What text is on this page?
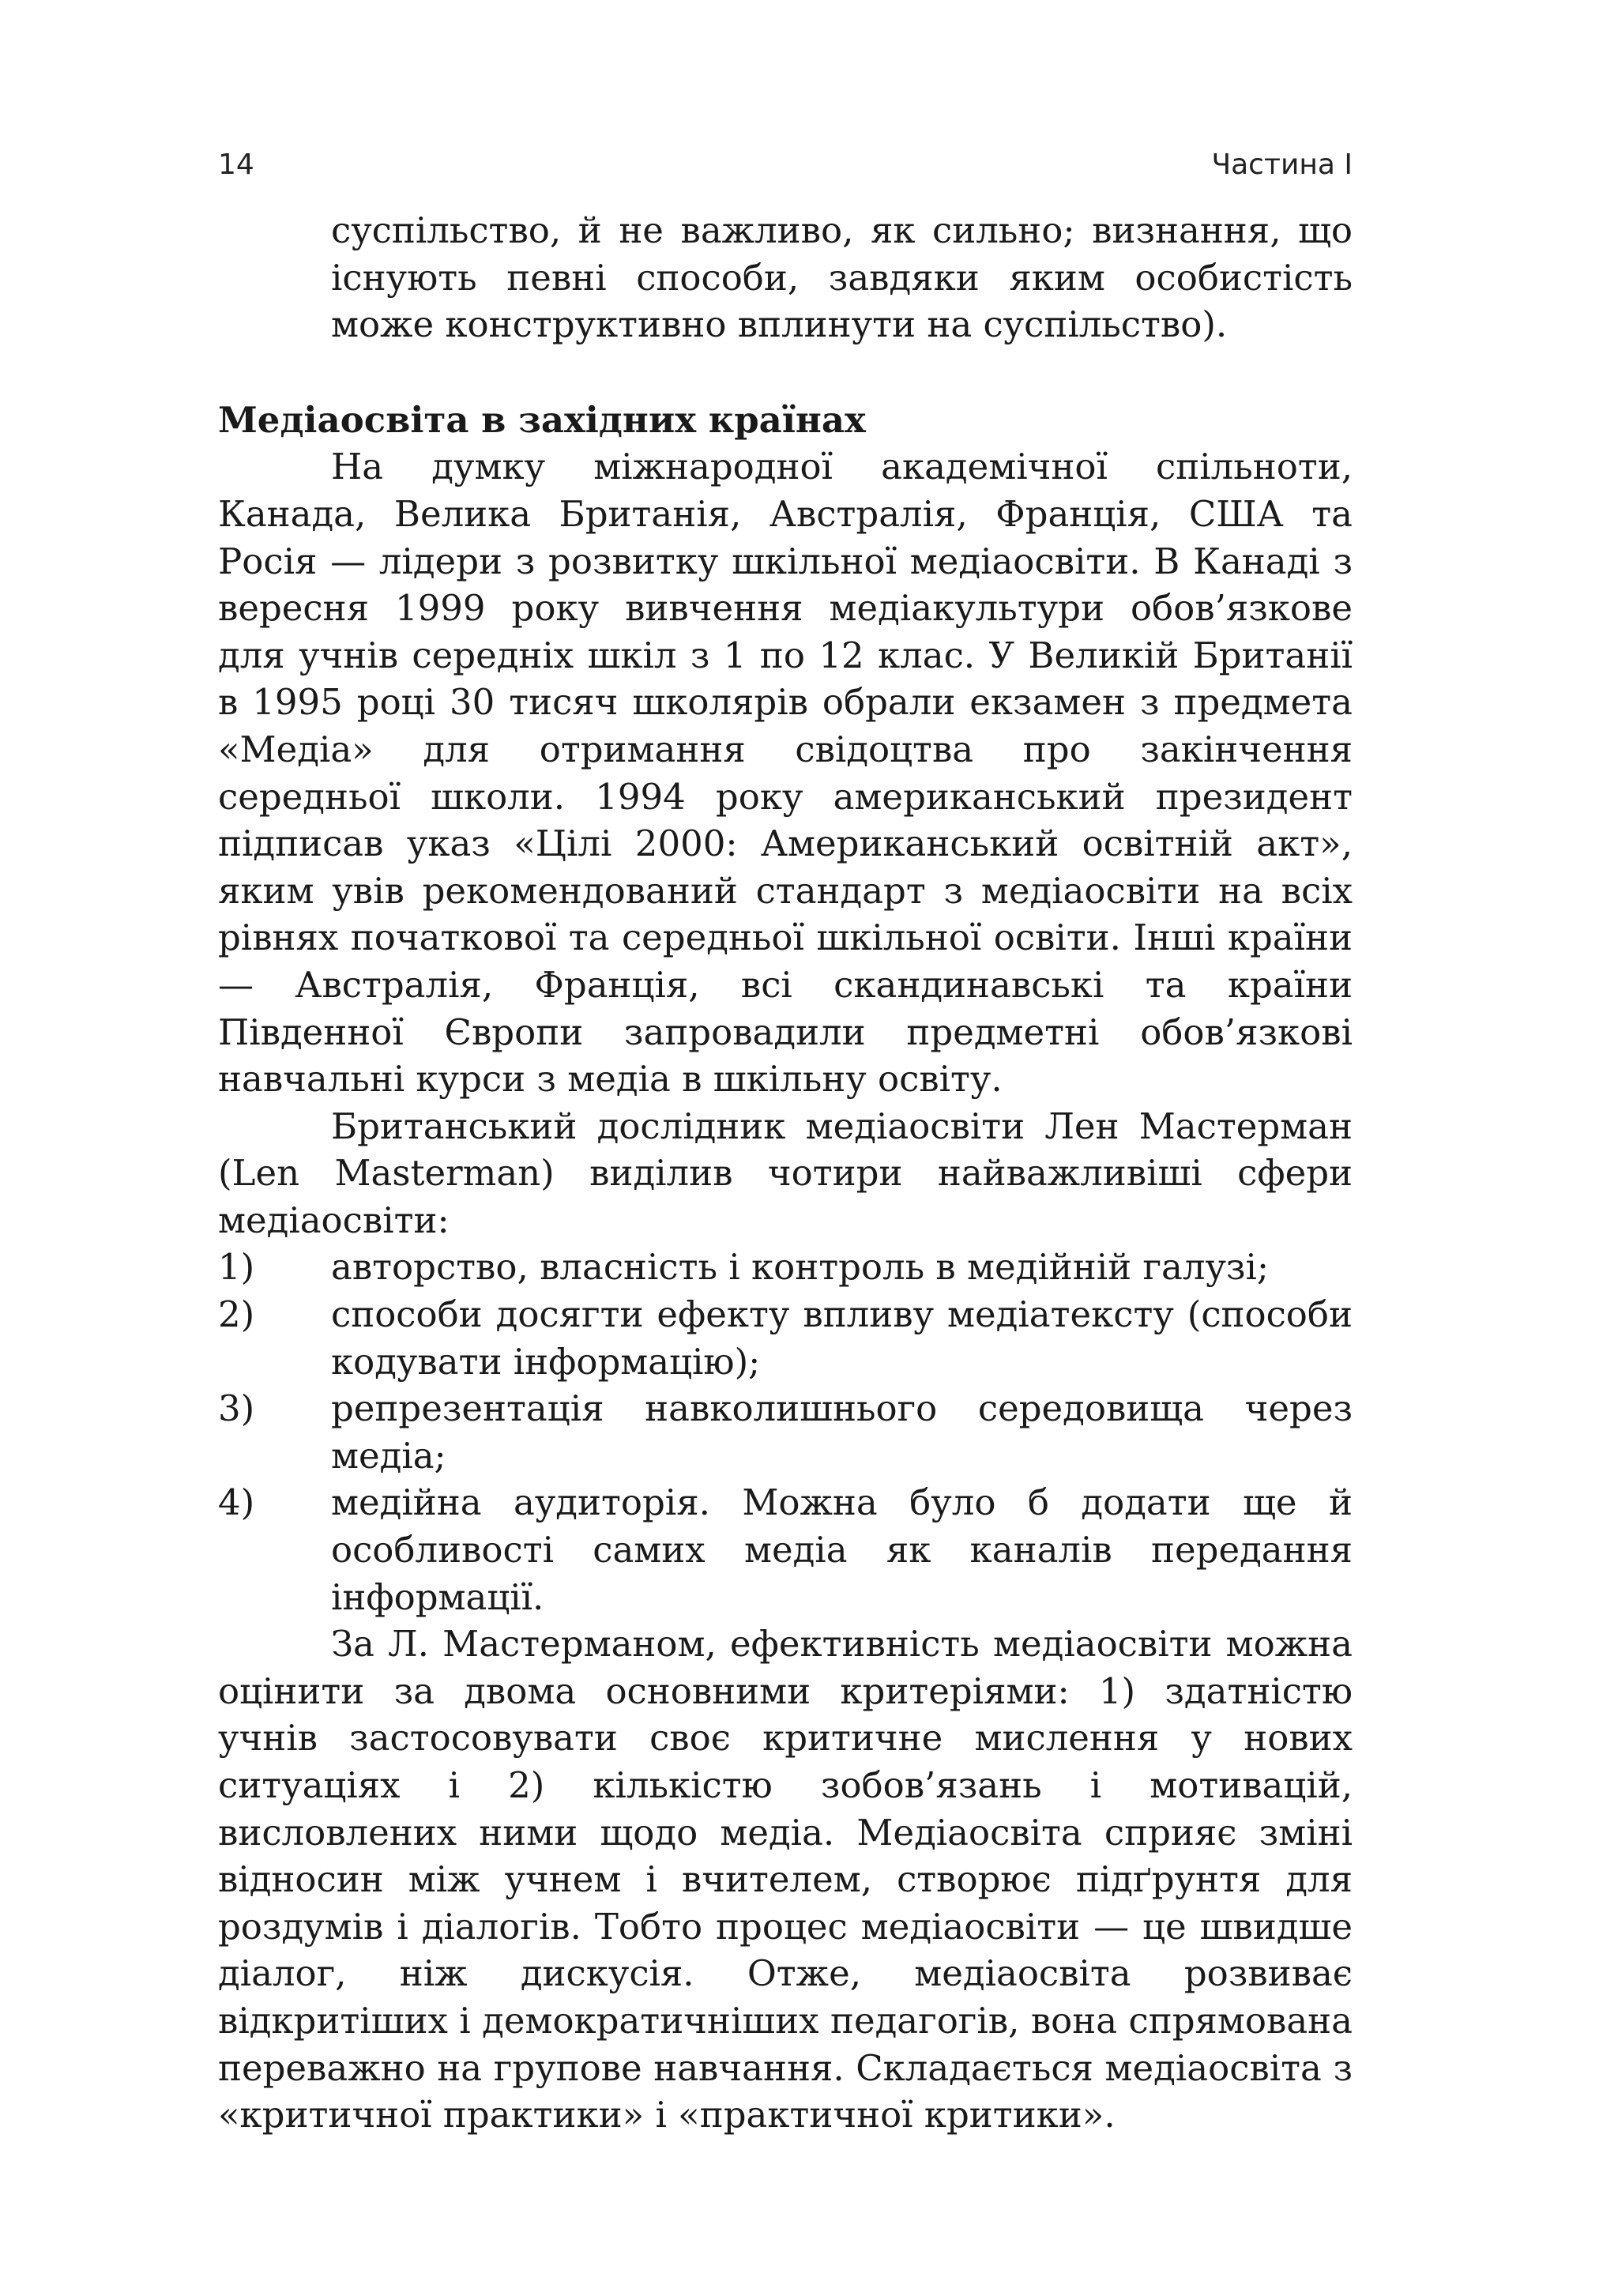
14	Частина І

суспільство, й не важливо, як сильно; визнання, що існують певні способи, завдяки яким особистість може конструктивно вплинути на суспільство).

Медіаосвіта в західних країнах

На думку міжнародної академічної спільноти, Канада, Велика Британія, Австралія, Франція, США та Росія — лідери з розвитку шкільної медіаосвіти. В Канаді з вересня 1999 року вивчення медіакультури обов’язкове для учнів середніх шкіл з 1 по 12 клас. У Великій Британії в 1995 році 30 тисяч школярів обрали екзамен з предмета «Медіа» для отримання свідоцтва про закінчення середньої школи. 1994 року американський президент підписав указ «Цілі 2000: Американський освітній акт», яким увів рекомендований стандарт з медіаосвіти на всіх рівнях початкової та середньої шкільної освіти. Інші країни — Австралія, Франція, всі скандинавські та країни Південної Європи запровадили предметні обов’язкові навчальні курси з медіа в шкільну освіту.

Британський дослідник медіаосвіти Лен Мастерман (Len Masterman) виділив чотири найважливіші сфери медіаосвіти:

1) авторство, власність і контроль в медійній галузі;
2) способи досягти ефекту впливу медіатексту (способи кодувати інформацію);
3) репрезентація навколишнього середовища через медіа;
4) медійна аудиторія. Можна було б додати ще й особливості самих медіа як каналів передання інформації.

За Л. Мастерманом, ефективність медіаосвіти можна оцінити за двома основними критеріями: 1) здатністю учнів застосовувати своє критичне мислення у нових ситуаціях і 2) кількістю зобов’язань і мотивацій, висловлених ними щодо медіа. Медіаосвіта сприяє зміні відносин між учнем і вчителем, створює підґрунтя для роздумів і діалогів. Тобто процес медіаосвіти — це швидше діалог, ніж дискусія. Отже, медіаосвіта розвиває відкритіших і демократичніших педагогів, вона спрямована переважно на групове навчання. Складається медіаосвіта з «критичної практики» і «практичної критики».
